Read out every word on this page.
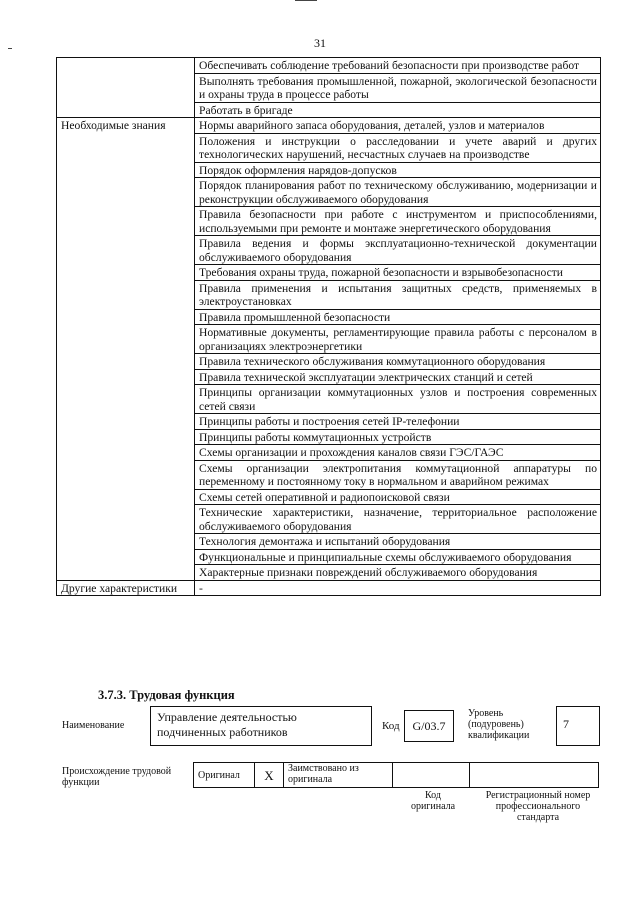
31
	Обеспечивать соблюдение требований безопасности при производстве работ
	Выполнять требования промышленной, пожарной, экологической безопасности и охраны труда в процессе работы
	Работать в бригаде
Необходимые знания	Нормы аварийного запаса оборудования, деталей, узлов и материалов
	Положения и инструкции о расследовании и учете аварий и других технологических нарушений, несчастных случаев на производстве
	Порядок оформления нарядов-допусков
	Порядок планирования работ по техническому обслуживанию, модернизации и реконструкции обслуживаемого оборудования
	Правила безопасности при работе с инструментом и приспособлениями, используемыми при ремонте и монтаже энергетического оборудования
	Правила ведения и формы эксплуатационно-технической документации обслуживаемого оборудования
	Требования охраны труда, пожарной безопасности и взрывобезопасности
	Правила применения и испытания защитных средств, применяемых в электроустановках
	Правила промышленной безопасности
	Нормативные документы, регламентирующие правила работы с персоналом в организациях электроэнергетики
	Правила технического обслуживания коммутационного оборудования
	Правила технической эксплуатации электрических станций и сетей
	Принципы организации коммутационных узлов и построения современных сетей связи
	Принципы работы и построения сетей IP-телефонии
	Принципы работы коммутационных устройств
	Схемы организации и прохождения каналов связи ГЭС/ГАЭС
	Схемы организации электропитания коммутационной аппаратуры по переменному и постоянному току в нормальном и аварийном режимах
	Схемы сетей оперативной и радиопоисковой связи
	Технические характеристики, назначение, территориальное расположение обслуживаемого оборудования
	Технология демонтажа и испытаний оборудования
	Функциональные и принципиальные схемы обслуживаемого оборудования
	Характерные признаки повреждений обслуживаемого оборудования
Другие характеристики	-
3.7.3. Трудовая функция
Наименование
Управление деятельностью подчиненных работников	Код	G/03.7
Уровень (подуровень) квалификации
7
Происхождение трудовой функции
Оригинал	X	Заимствовано из оригинала		
Код оригинала
Регистрационный номер профессионального стандарта
